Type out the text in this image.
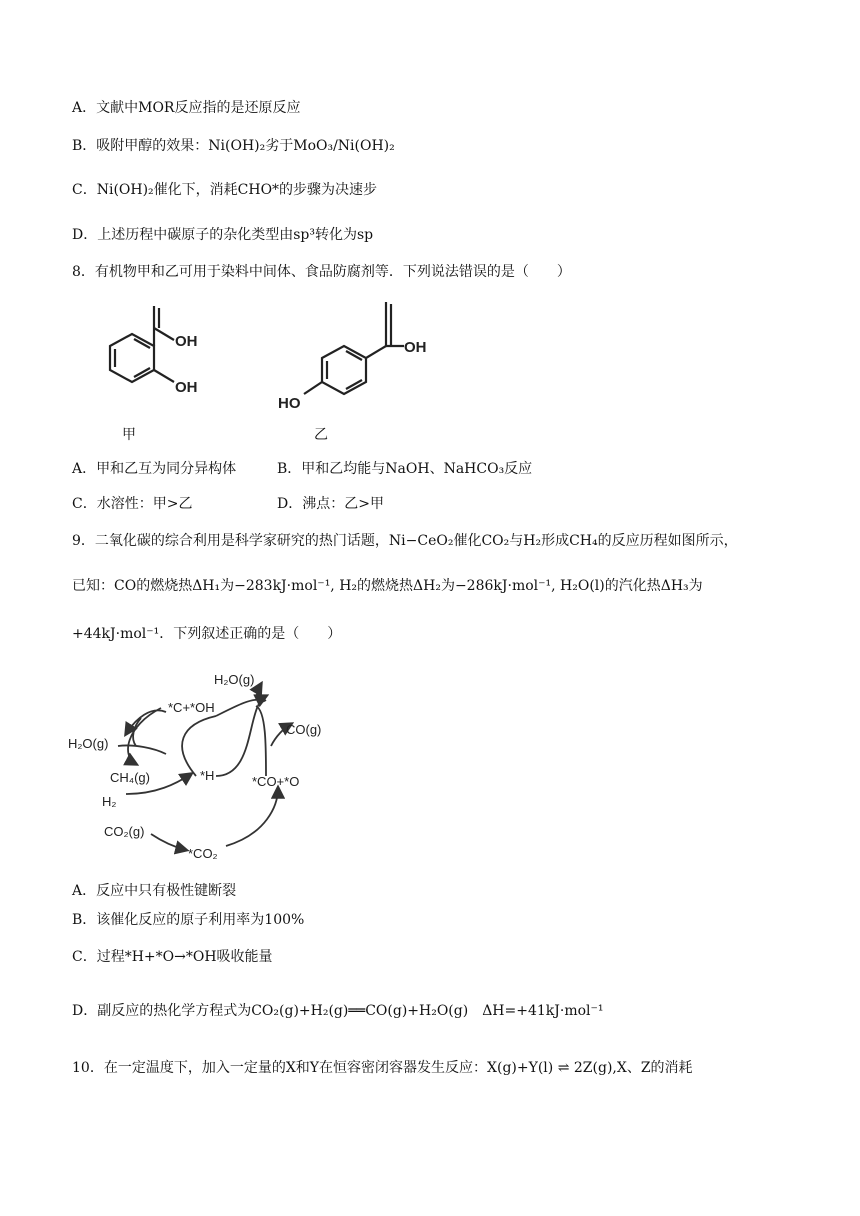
A．文献中MOR反应指的是还原反应
B．吸附甲醇的效果：Ni(OH)₂劣于MoO₃/Ni(OH)₂
C．Ni(OH)₂催化下，消耗CHO*的步骤为决速步
D．上述历程中碳原子的杂化类型由sp³转化为sp
8．有机物甲和乙可用于染料中间体、食品防腐剂等．下列说法错误的是（　　）
OH
OH
甲
OH
HO
乙
A．甲和乙互为同分异构体	B．甲和乙均能与NaOH、NaHCO₃反应
C．水溶性：甲>乙	D．沸点：乙>甲
9．二氧化碳的综合利用是科学家研究的热门话题，Ni−CeO₂催化CO₂与H₂形成CH₄的反应历程如图所示，
已知：CO的燃烧热ΔH₁为−283kJ·mol⁻¹, H₂的燃烧热ΔH₂为−286kJ·mol⁻¹, H₂O(l)的汽化热ΔH₃为
+44kJ·mol⁻¹．下列叙述正确的是（　　）
H₂O(g)
*C+*OH
CO(g)
H₂O(g)
CH₄(g)	*H	*CO+*O
H₂
CO₂(g)
*CO₂
A．反应中只有极性键断裂
B．该催化反应的原子利用率为100%
C．过程*H+*O→*OH吸收能量
D．副反应的热化学方程式为CO₂(g)+H₂(g)══CO(g)+H₂O(g)　ΔH=+41kJ·mol⁻¹
10．在一定温度下，加入一定量的X和Y在恒容密闭容器发生反应：X(g)+Y(l) ⇌ 2Z(g),X、Z的消耗
